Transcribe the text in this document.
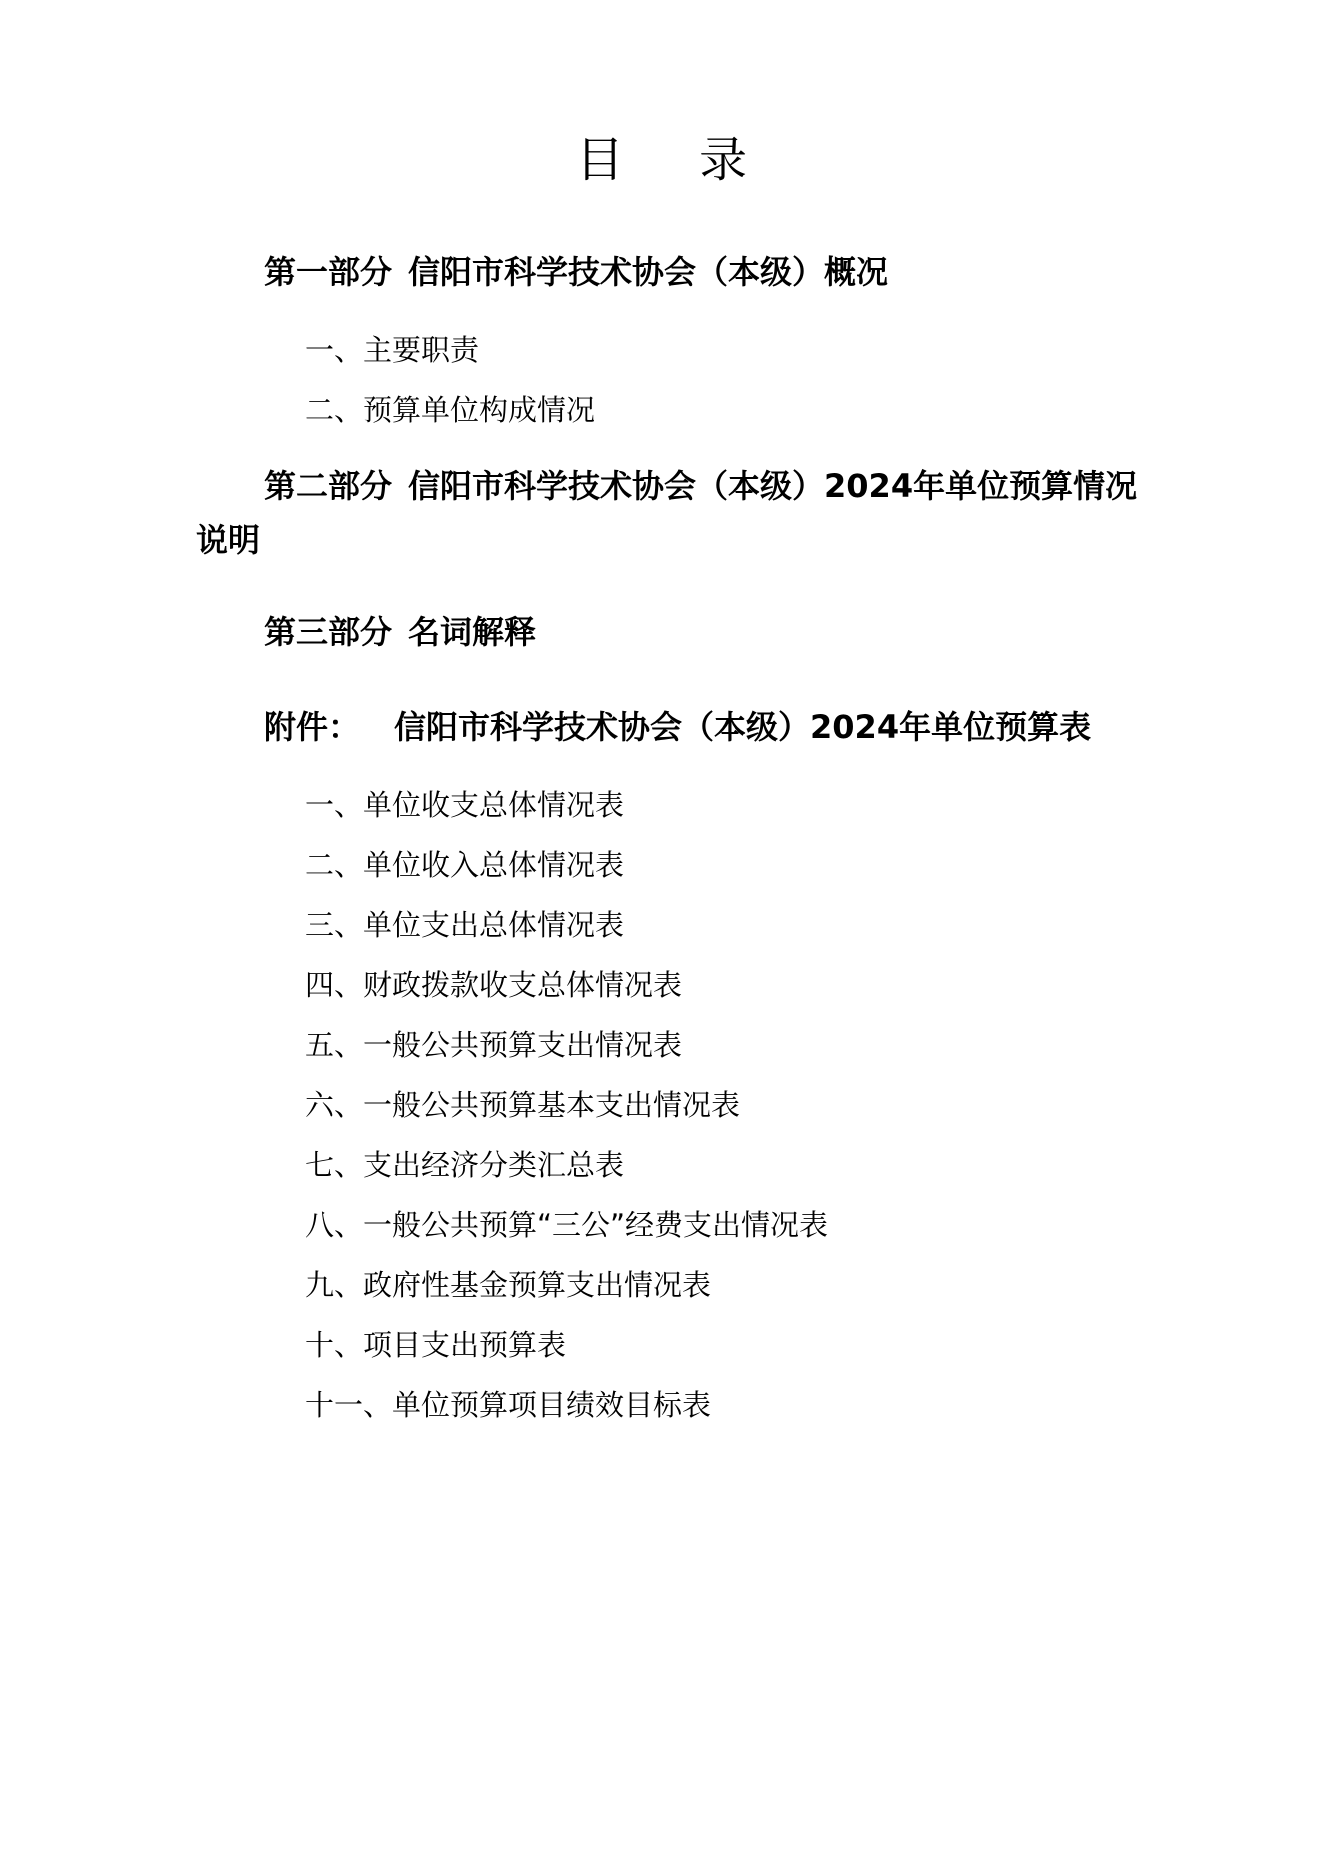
目 录
第一部分 信阳市科学技术协会（本级）概况
一、主要职责
二、预算单位构成情况
第二部分 信阳市科学技术协会（本级）2024年单位预算情况说明
第三部分 名词解释
附件： 信阳市科学技术协会（本级）2024年单位预算表
一、单位收支总体情况表
二、单位收入总体情况表
三、单位支出总体情况表
四、财政拨款收支总体情况表
五、一般公共预算支出情况表
六、一般公共预算基本支出情况表
七、支出经济分类汇总表
八、一般公共预算“三公”经费支出情况表
九、政府性基金预算支出情况表
十、项目支出预算表
十一、单位预算项目绩效目标表
